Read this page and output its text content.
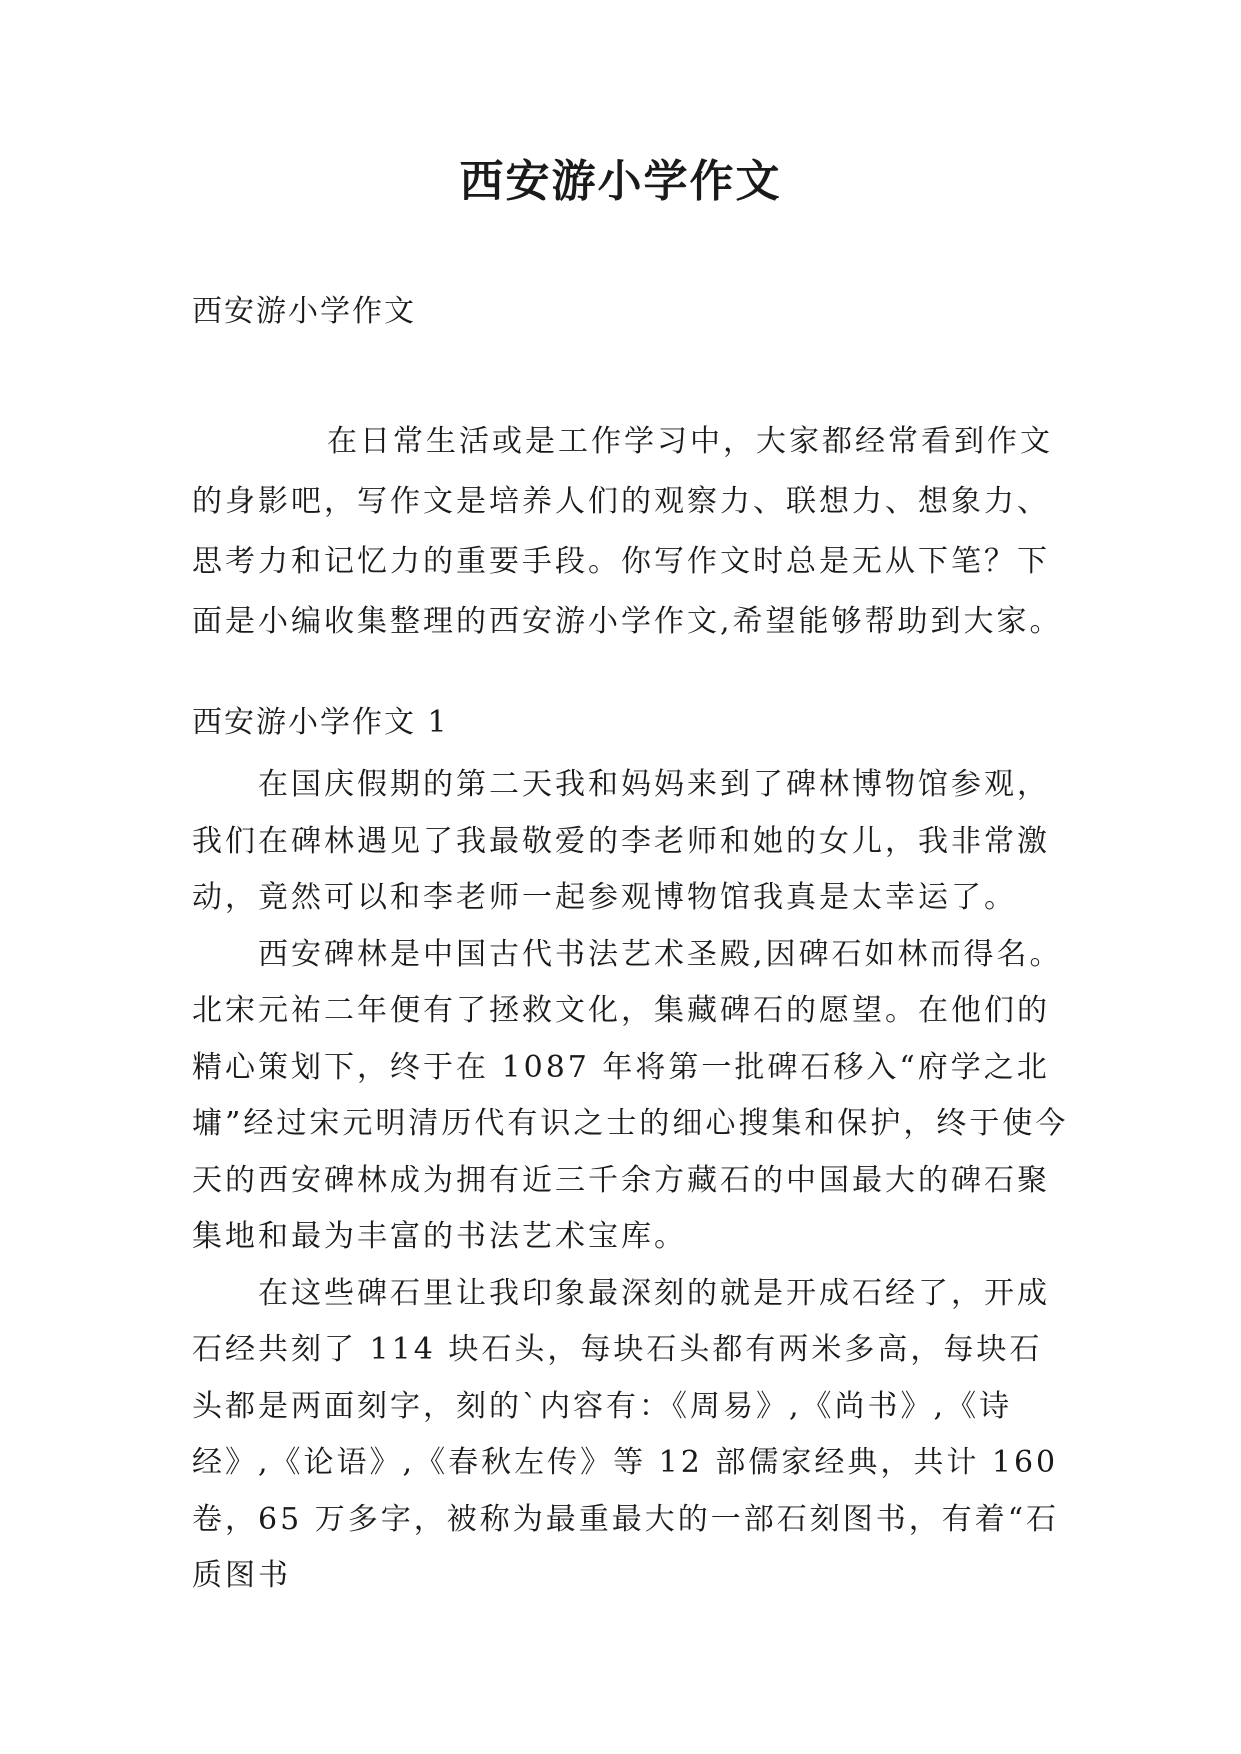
西安游小学作文
西安游小学作文

在日常生活或是工作学习中，大家都经常看到作文的身影吧，写作文是培养人们的观察力、联想力、想象力、思考力和记忆力的重要手段。你写作文时总是无从下笔？下面是小编收集整理的西安游小学作文,希望能够帮助到大家。

西安游小学作文 1

在国庆假期的第二天我和妈妈来到了碑林博物馆参观，我们在碑林遇见了我最敬爱的李老师和她的女儿，我非常激动，竟然可以和李老师一起参观博物馆我真是太幸运了。

西安碑林是中国古代书法艺术圣殿,因碑石如林而得名。北宋元祐二年便有了拯救文化，集藏碑石的愿望。在他们的精心策划下，终于在 1087 年将第一批碑石移入“府学之北墉”经过宋元明清历代有识之士的细心搜集和保护，终于使今天的西安碑林成为拥有近三千余方藏石的中国最大的碑石聚集地和最为丰富的书法艺术宝库。

在这些碑石里让我印象最深刻的就是开成石经了，开成石经共刻了 114 块石头，每块石头都有两米多高，每块石头都是两面刻字，刻的`内容有：《周易》,《尚书》,《诗经》,《论语》,《春秋左传》等 12 部儒家经典，共计 160 卷，65 万多字，被称为最重最大的一部石刻图书，有着“石质图书
